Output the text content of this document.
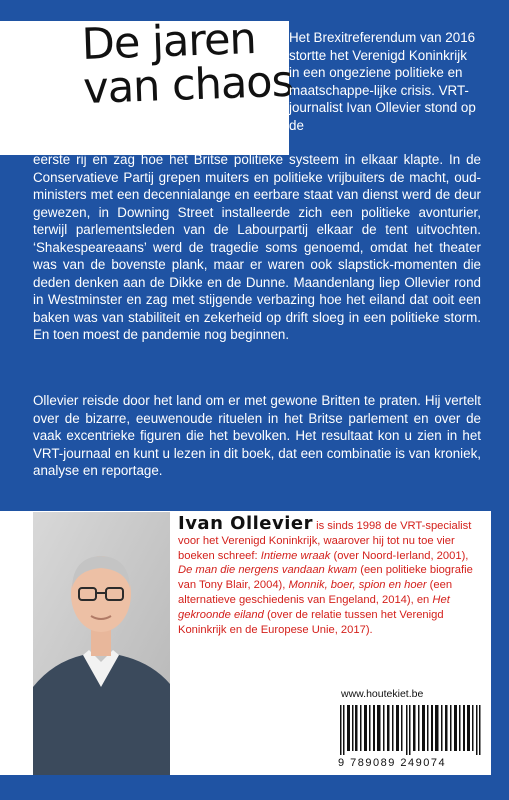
De jaren
van chaos

Het Brexitreferendum van 2016 stortte het Verenigd Koninkrijk in een ongeziene politieke en maatschappe-lijke crisis. VRT-journalist Ivan Ollevier stond op de

eerste rij en zag hoe het Britse politieke systeem in elkaar klapte. In de Conservatieve Partij grepen muiters en politieke vrijbuiters de macht, oud-ministers met een decennialange en eerbare staat van dienst werd de deur gewezen, in Downing Street installeerde zich een politieke avonturier, terwijl parlementsleden van de Labourpartij elkaar de tent uitvochten. ‘Shakespeareaans’ werd de tragedie soms genoemd, omdat het theater was van de bovenste plank, maar er waren ook slapstick-momenten die deden denken aan de Dikke en de Dunne. Maandenlang liep Ollevier rond in Westminster en zag met stijgende verbazing hoe het eiland dat ooit een baken was van stabiliteit en zekerheid op drift sloeg in een politieke storm. En toen moest de pandemie nog beginnen.

Ollevier reisde door het land om er met gewone Britten te praten. Hij vertelt over de bizarre, eeuwenoude rituelen in het Britse parlement en over de vaak excentrieke figuren die het bevolken. Het resultaat kon u zien in het VRT-journaal en kunt u lezen in dit boek, dat een combinatie is van kroniek, analyse en reportage.

Ivan Ollevier is sinds 1998 de VRT-specialist voor het Verenigd Koninkrijk, waarover hij tot nu toe vier boeken schreef: Intieme wraak (over Noord-Ierland, 2001), De man die nergens vandaan kwam (een politieke biografie van Tony Blair, 2004), Monnik, boer, spion en hoer (een alternatieve geschiedenis van Engeland, 2014), en Het gekroonde eiland (over de relatie tussen het Verenigd Koninkrijk en de Europese Unie, 2017).

www.houtekiet.be
9 789089 249074
